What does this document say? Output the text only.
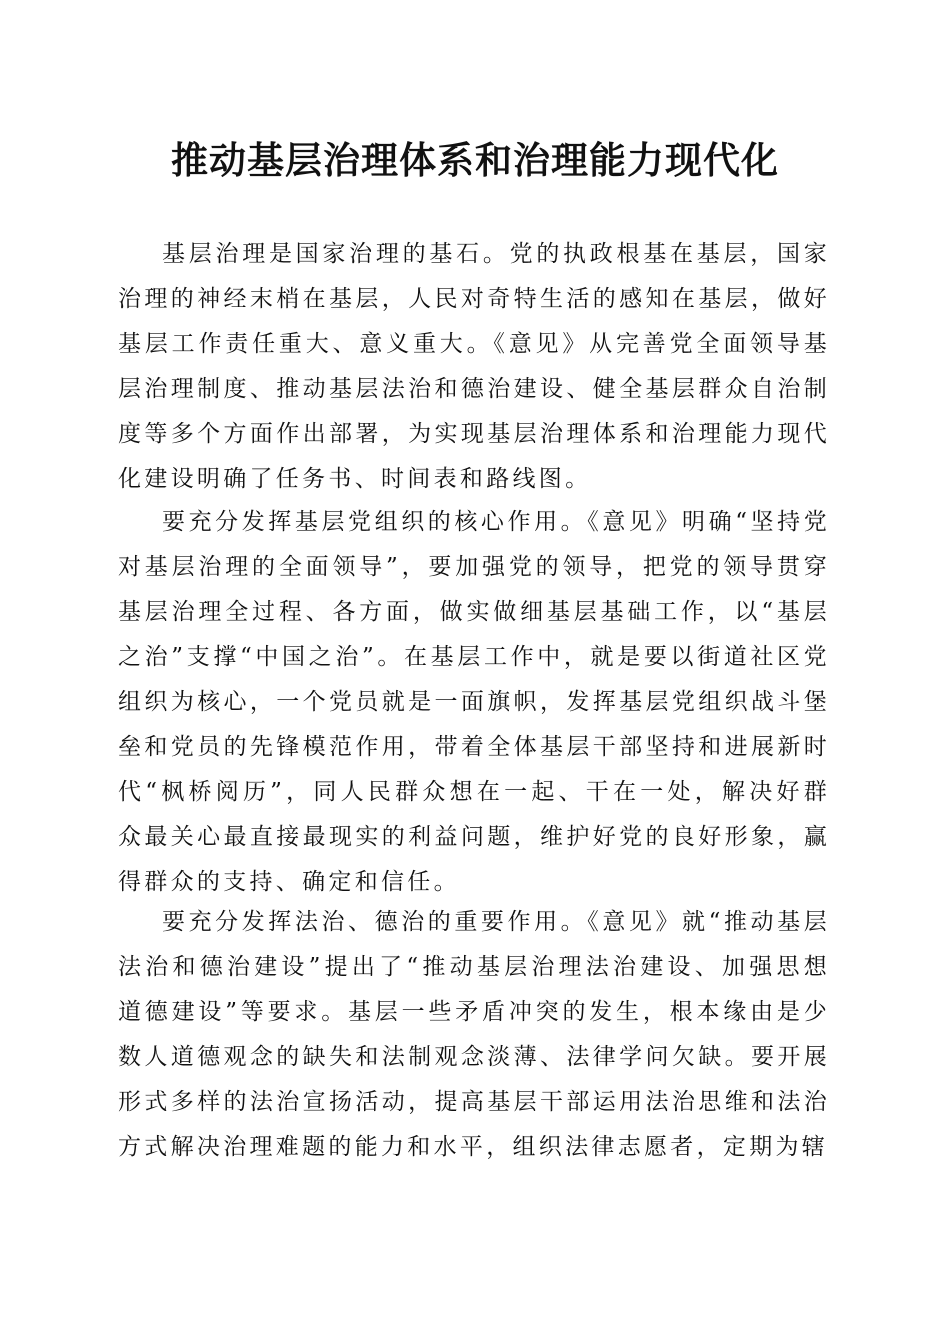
推动基层治理体系和治理能力现代化

基层治理是国家治理的基石。党的执政根基在基层，国家治理的神经末梢在基层，人民对奇特生活的感知在基层，做好基层工作责任重大、意义重大。《意见》从完善党全面领导基层治理制度、推动基层法治和德治建设、健全基层群众自治制度等多个方面作出部署，为实现基层治理体系和治理能力现代化建设明确了任务书、时间表和路线图。

要充分发挥基层党组织的核心作用。《意见》明确“坚持党对基层治理的全面领导”，要加强党的领导，把党的领导贯穿基层治理全过程、各方面，做实做细基层基础工作，以“基层之治”支撑“中国之治”。在基层工作中，就是要以街道社区党组织为核心，一个党员就是一面旗帜，发挥基层党组织战斗堡垒和党员的先锋模范作用，带着全体基层干部坚持和进展新时代“枫桥阅历”，同人民群众想在一起、干在一处，解决好群众最关心最直接最现实的利益问题，维护好党的良好形象，赢得群众的支持、确定和信任。

要充分发挥法治、德治的重要作用。《意见》就“推动基层法治和德治建设”提出了“推动基层治理法治建设、加强思想道德建设”等要求。基层一些矛盾冲突的发生，根本缘由是少数人道德观念的缺失和法制观念淡薄、法律学问欠缺。要开展形式多样的法治宣扬活动，提高基层干部运用法治思维和法治方式解决治理难题的能力和水平，组织法律志愿者，定期为辖
